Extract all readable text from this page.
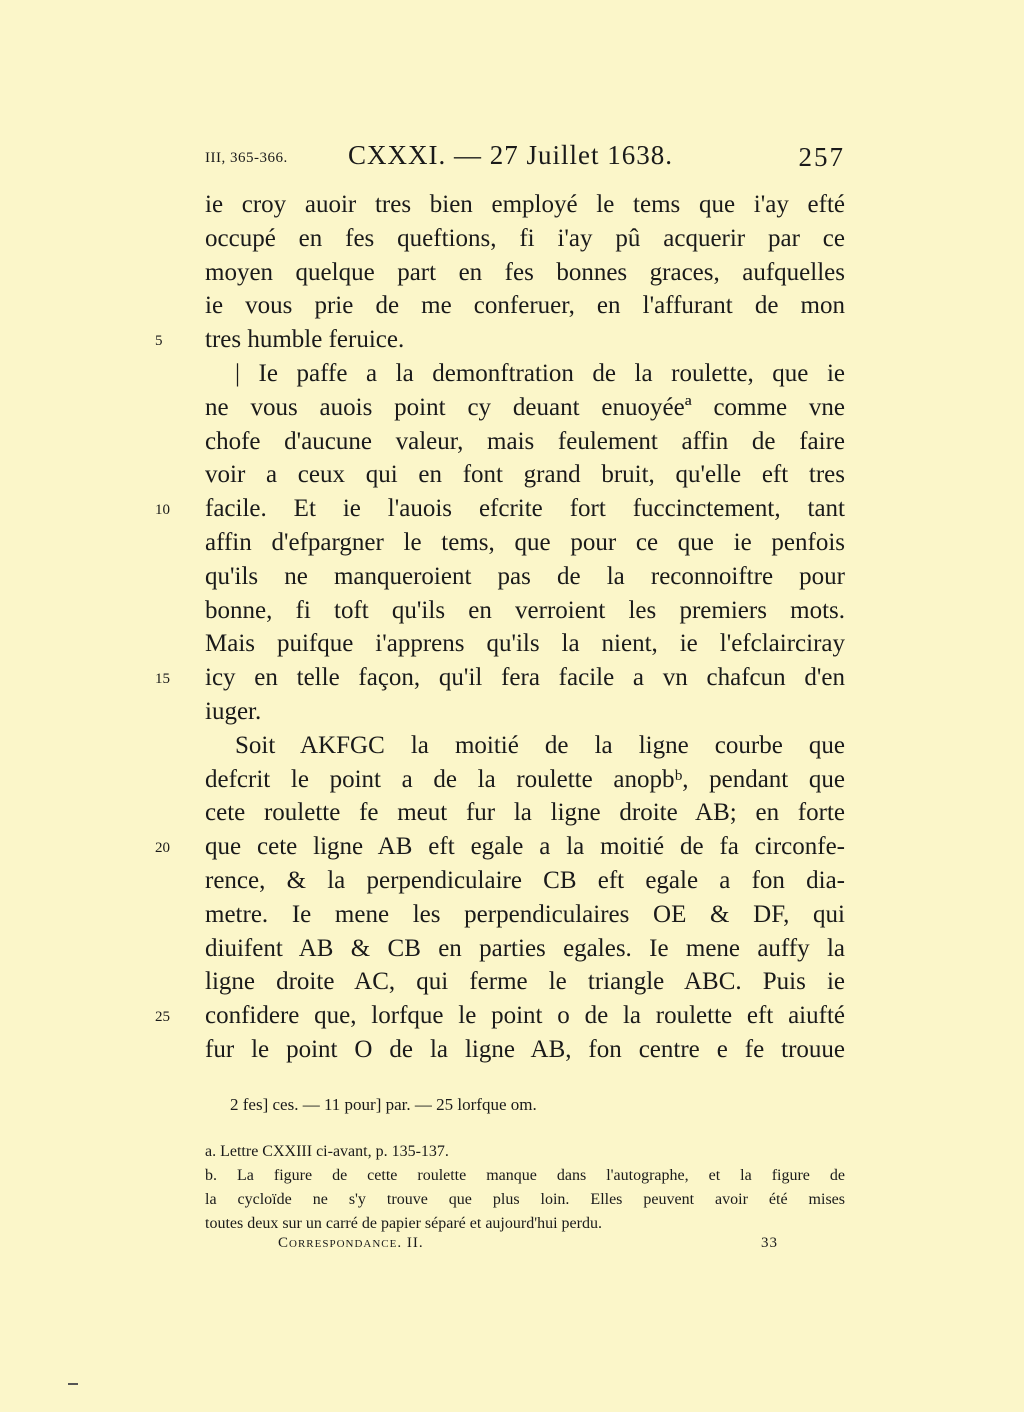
III, 365-366. CXXXI. — 27 Juillet 1638.	257
ie croy auoir tres bien employé le tems que i'ay efté
occupé en fes queftions, fi i'ay pû acquerir par ce
moyen quelque part en fes bonnes graces, aufquelles
ie vous prie de me conferuer, en l'affurant de mon
5	tres humble feruice.
| Ie paffe a la demonftration de la roulette, que ie
ne vous auois point cy deuant enuoyéeª comme vne
chofe d'aucune valeur, mais feulement affin de faire
voir a ceux qui en font grand bruit, qu'elle eft tres
10	facile. Et ie l'auois efcrite fort fuccinctement, tant
affin d'efpargner le tems, que pour ce que ie penfois
qu'ils ne manqueroient pas de la reconnoiftre pour
bonne, fi toft qu'ils en verroient les premiers mots.
Mais puifque i'apprens qu'ils la nient, ie l'efclairciray
15	icy en telle façon, qu'il fera facile a vn chafcun d'en
iuger.
Soit AKFGC la moitié de la ligne courbe que
defcrit le point a de la roulette anopbᵇ, pendant que
cete roulette fe meut fur la ligne droite AB; en forte
20	que cete ligne AB eft egale a la moitié de fa circonfe-
rence, & la perpendiculaire CB eft egale a fon dia-
metre. Ie mene les perpendiculaires OE & DF, qui
diuifent AB & CB en parties egales. Ie mene auffy la
ligne droite AC, qui ferme le triangle ABC. Puis ie
25	confidere que, lorfque le point o de la roulette eft aiufté
fur le point O de la ligne AB, fon centre e fe trouue
2 fes] ces. — 11 pour] par. — 25 lorfque om.
a. Lettre CXXIII ci-avant, p. 135-137.
b. La figure de cette roulette manque dans l'autographe, et la figure de
la cycloïde ne s'y trouve que plus loin. Elles peuvent avoir été mises
toutes deux sur un carré de papier séparé et aujourd'hui perdu.
Correspondance. II.	33
